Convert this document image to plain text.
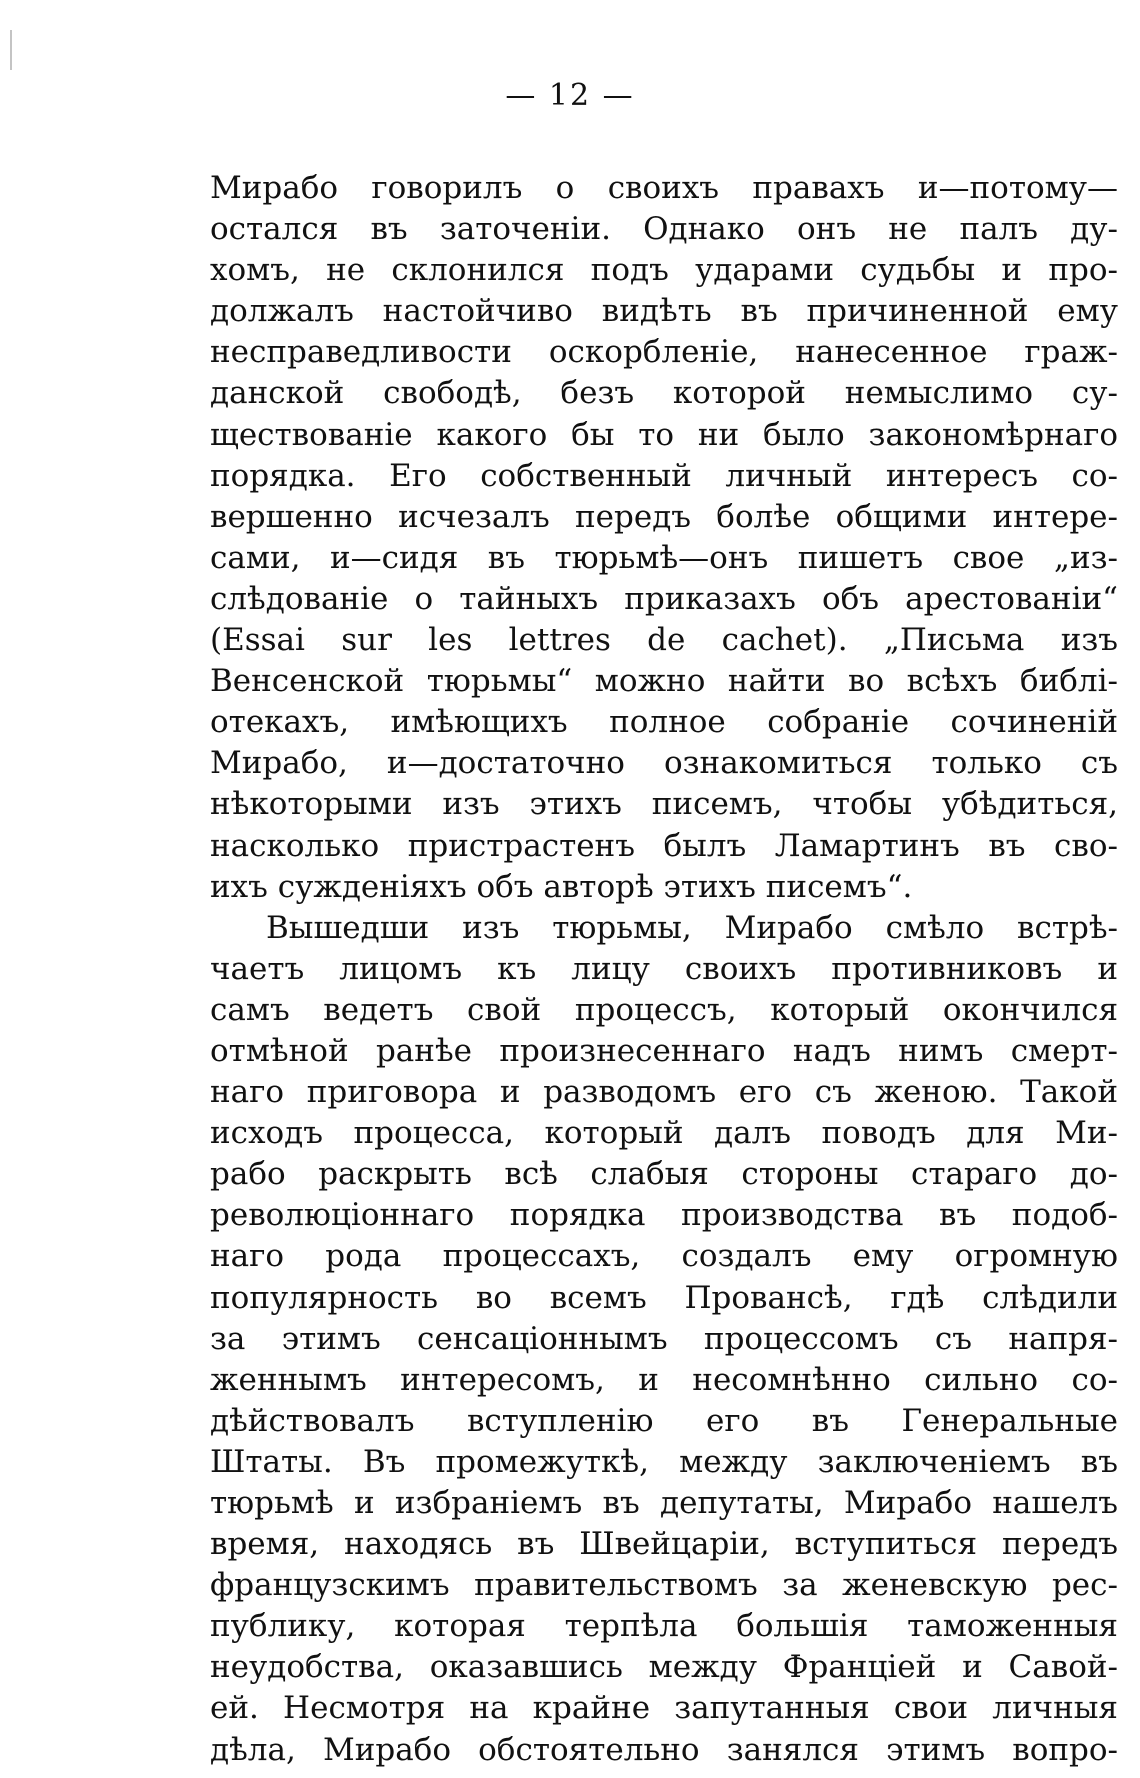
— 12 —
Мирабо говорилъ о своихъ правахъ и—потому—
остался въ заточеніи. Однако онъ не палъ ду-
хомъ, не склонился подъ ударами судьбы и про-
должалъ настойчиво видѣть въ причиненной ему
несправедливости оскорбленіе, нанесенное граж-
данской свободѣ, безъ которой немыслимо су-
ществованіе какого бы то ни было закономѣрнаго
порядка. Его собственный личный интересъ со-
вершенно исчезалъ передъ болѣе общими интере-
сами, и—сидя въ тюрьмѣ—онъ пишетъ свое „из-
слѣдованіе о тайныхъ приказахъ объ арестованіи“
(Essai sur les lettres de cachet). „Письма изъ
Венсенской тюрьмы“ можно найти во всѣхъ библі-
отекахъ, имѣющихъ полное собраніе сочиненій
Мирабо, и—достаточно ознакомиться только съ
нѣкоторыми изъ этихъ писемъ, чтобы убѣдиться,
насколько пристрастенъ былъ Ламартинъ въ сво-
ихъ сужденіяхъ объ авторѣ этихъ писемъ“.
Вышедши изъ тюрьмы, Мирабо смѣло встрѣ-
чаетъ лицомъ къ лицу своихъ противниковъ и
самъ ведетъ свой процессъ, который окончился
отмѣной ранѣе произнесеннаго надъ нимъ смерт-
наго приговора и разводомъ его съ женою. Такой
исходъ процесса, который далъ поводъ для Ми-
рабо раскрыть всѣ слабыя стороны стараго до-
революціоннаго порядка производства въ подоб-
наго рода процессахъ, создалъ ему огромную
популярность во всемъ Провансѣ, гдѣ слѣдили
за этимъ сенсаціоннымъ процессомъ съ напря-
женнымъ интересомъ, и несомнѣнно сильно со-
дѣйствовалъ вступленію его въ Генеральные
Штаты. Въ промежуткѣ, между заключеніемъ въ
тюрьмѣ и избраніемъ въ депутаты, Мирабо нашелъ
время, находясь въ Швейцаріи, вступиться передъ
французскимъ правительствомъ за женевскую рес-
публику, которая терпѣла большія таможенныя
неудобства, оказавшись между Франціей и Савой-
ей. Несмотря на крайне запутанныя свои личныя
дѣла, Мирабо обстоятельно занялся этимъ вопро-
